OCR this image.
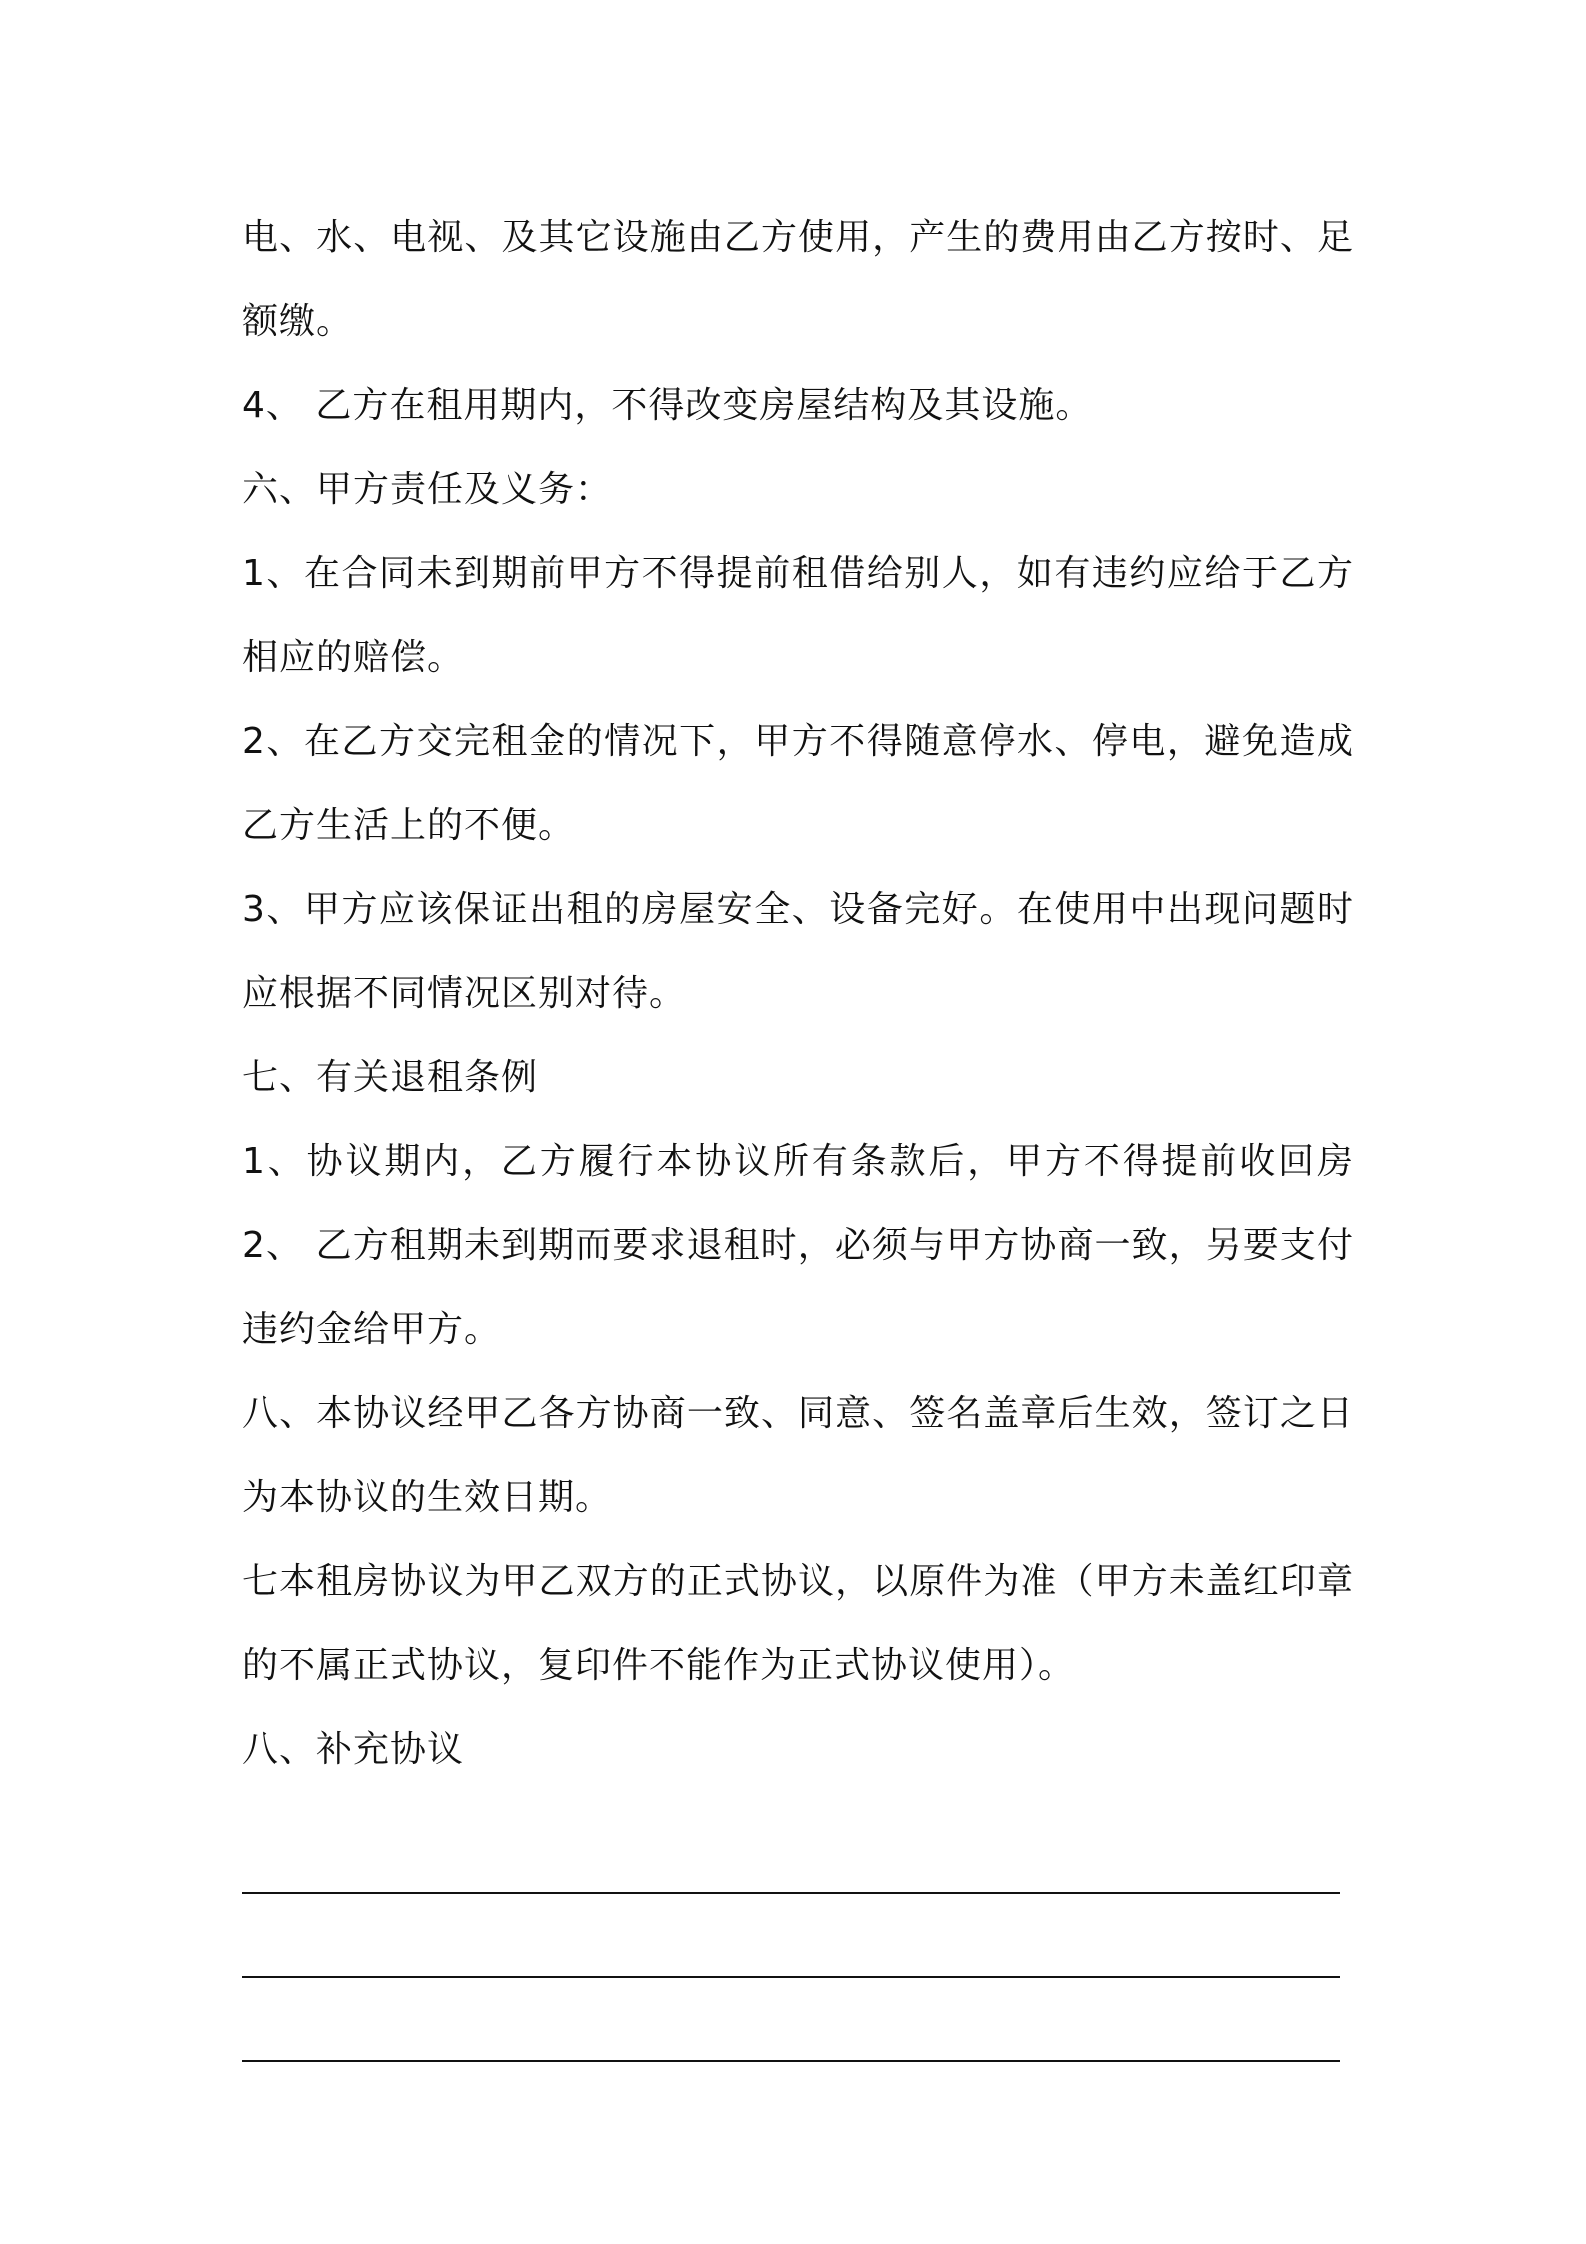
电、水、电视、及其它设施由乙方使用，产生的费用由乙方按时、足
额缴。
4、 乙方在租用期内，不得改变房屋结构及其设施。
六、甲方责任及义务：
1、在合同未到期前甲方不得提前租借给别人，如有违约应给于乙方
相应的赔偿。
2、在乙方交完租金的情况下，甲方不得随意停水、停电，避免造成
乙方生活上的不便。
3、甲方应该保证出租的房屋安全、设备完好。在使用中出现问题时
应根据不同情况区别对待。
七、有关退租条例
1、协议期内，乙方履行本协议所有条款后，甲方不得提前收回房
2、 乙方租期未到期而要求退租时，必须与甲方协商一致，另要支付
违约金给甲方。
八、本协议经甲乙各方协商一致、同意、签名盖章后生效，签订之日
为本协议的生效日期。
七本租房协议为甲乙双方的正式协议，以原件为准（甲方未盖红印章
的不属正式协议，复印件不能作为正式协议使用）。
八、补充协议
